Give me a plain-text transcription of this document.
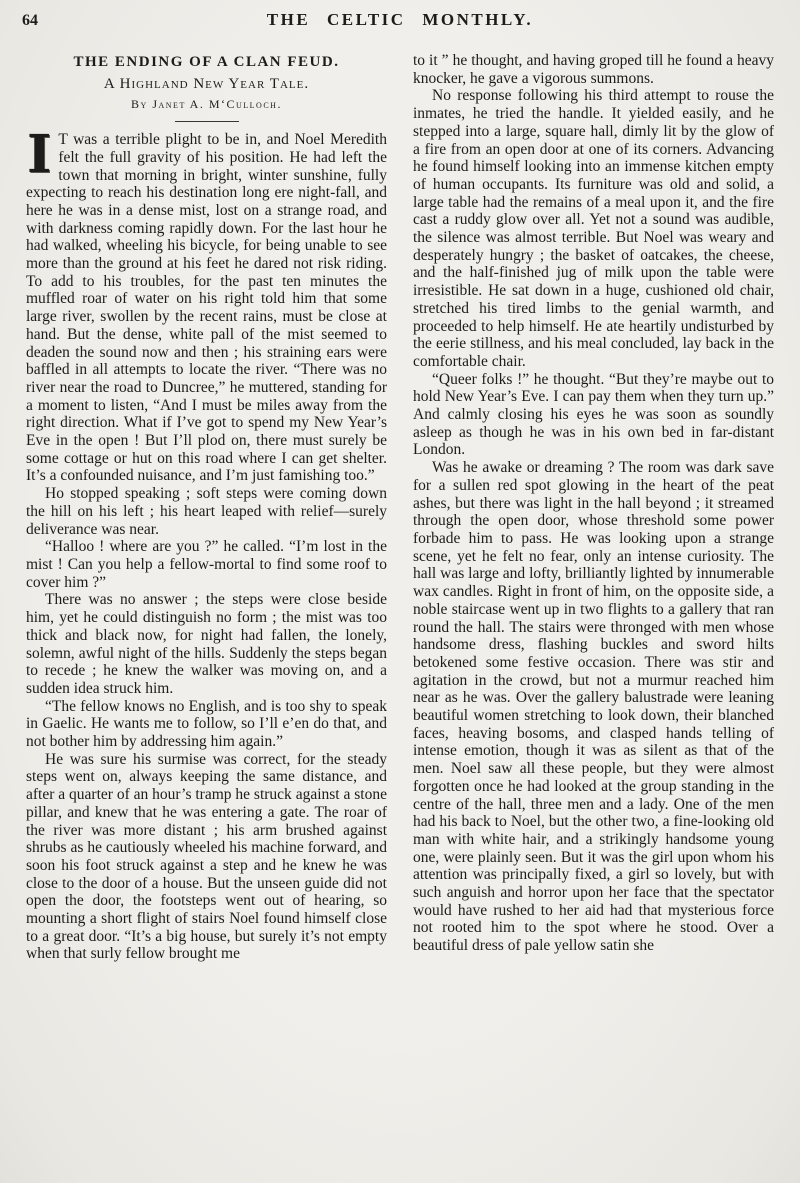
64	THE CELTIC MONTHLY.
THE ENDING OF A CLAN FEUD.
A Highland New Year Tale.
By Janet A. M‘Culloch.

I T was a terrible plight to be in, and Noel Meredith felt the full gravity of his position. He had left the town that morning in bright, winter sunshine, fully expecting to reach his destination long ere night-fall, and here he was in a dense mist, lost on a strange road, and with darkness coming rapidly down. For the last hour he had walked, wheeling his bicycle, for being unable to see more than the ground at his feet he dared not risk riding. To add to his troubles, for the past ten minutes the muffled roar of water on his right told him that some large river, swollen by the recent rains, must be close at hand. But the dense, white pall of the mist seemed to deaden the sound now and then ; his straining ears were baffled in all attempts to locate the river. “There was no river near the road to Duncree,” he muttered, standing for a moment to listen, “And I must be miles away from the right direction. What if I’ve got to spend my New Year’s Eve in the open ! But I’ll plod on, there must surely be some cottage or hut on this road where I can get shelter. It’s a confounded nuisance, and I’m just famishing too.”

Ho stopped speaking ; soft steps were coming down the hill on his left ; his heart leaped with relief—surely deliverance was near.

“Halloo ! where are you ?” he called. “I’m lost in the mist ! Can you help a fellow-mortal to find some roof to cover him ?”

There was no answer ; the steps were close beside him, yet he could distinguish no form ; the mist was too thick and black now, for night had fallen, the lonely, solemn, awful night of the hills. Suddenly the steps began to recede ; he knew the walker was moving on, and a sudden idea struck him.

“The fellow knows no English, and is too shy to speak in Gaelic. He wants me to follow, so I’ll e’en do that, and not bother him by addressing him again.”

He was sure his surmise was correct, for the steady steps went on, always keeping the same distance, and after a quarter of an hour’s tramp he struck against a stone pillar, and knew that he was entering a gate. The roar of the river was more distant ; his arm brushed against shrubs as he cautiously wheeled his machine forward, and soon his foot struck against a step and he knew he was close to the door of a house. But the unseen guide did not open the door, the footsteps went out of hearing, so mounting a short flight of stairs Noel found himself close to a great door. “It’s a big house, but surely it’s not empty when that surly fellow brought me

to it ” he thought, and having groped till he found a heavy knocker, he gave a vigorous summons.

No response following his third attempt to rouse the inmates, he tried the handle. It yielded easily, and he stepped into a large, square hall, dimly lit by the glow of a fire from an open door at one of its corners. Advancing he found himself looking into an immense kitchen empty of human occupants. Its furniture was old and solid, a large table had the remains of a meal upon it, and the fire cast a ruddy glow over all. Yet not a sound was audible, the silence was almost terrible. But Noel was weary and desperately hungry ; the basket of oatcakes, the cheese, and the half-finished jug of milk upon the table were irresistible. He sat down in a huge, cushioned old chair, stretched his tired limbs to the genial warmth, and proceeded to help himself. He ate heartily undisturbed by the eerie stillness, and his meal concluded, lay back in the comfortable chair.

“Queer folks !” he thought. “But they’re maybe out to hold New Year’s Eve. I can pay them when they turn up.” And calmly closing his eyes he was soon as soundly asleep as though he was in his own bed in far-distant London.

Was he awake or dreaming ? The room was dark save for a sullen red spot glowing in the heart of the peat ashes, but there was light in the hall beyond ; it streamed through the open door, whose threshold some power forbade him to pass. He was looking upon a strange scene, yet he felt no fear, only an intense curiosity. The hall was large and lofty, brilliantly lighted by innumerable wax candles. Right in front of him, on the opposite side, a noble staircase went up in two flights to a gallery that ran round the hall. The stairs were thronged with men whose handsome dress, flashing buckles and sword hilts betokened some festive occasion. There was stir and agitation in the crowd, but not a murmur reached him near as he was. Over the gallery balustrade were leaning beautiful women stretching to look down, their blanched faces, heaving bosoms, and clasped hands telling of intense emotion, though it was as silent as that of the men. Noel saw all these people, but they were almost forgotten once he had looked at the group standing in the centre of the hall, three men and a lady. One of the men had his back to Noel, but the other two, a fine-looking old man with white hair, and a strikingly handsome young one, were plainly seen. But it was the girl upon whom his attention was principally fixed, a girl so lovely, but with such anguish and horror upon her face that the spectator would have rushed to her aid had that mysterious force not rooted him to the spot where he stood. Over a beautiful dress of pale yellow satin she
